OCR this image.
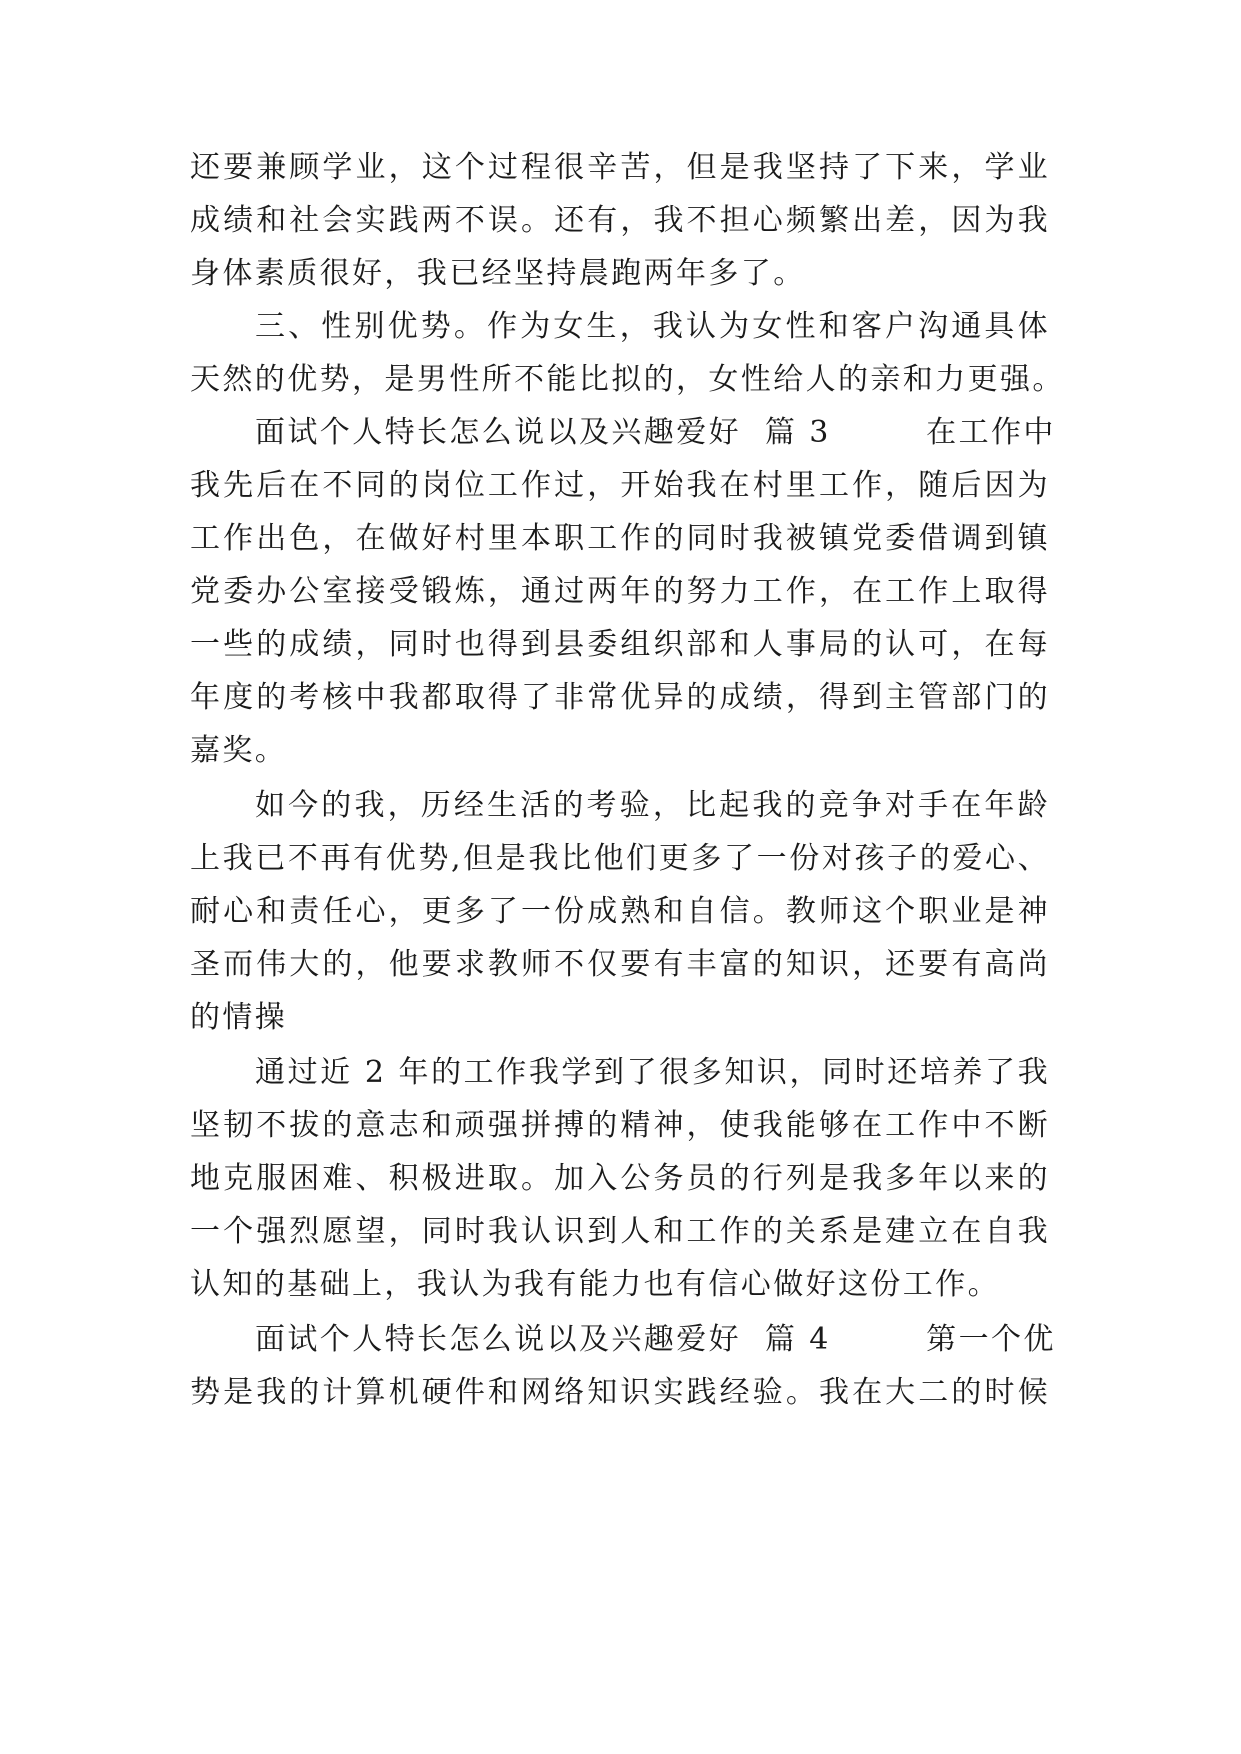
还要兼顾学业，这个过程很辛苦，但是我坚持了下来，学业
成绩和社会实践两不误。还有，我不担心频繁出差，因为我
身体素质很好，我已经坚持晨跑两年多了。
三、性别优势。作为女生，我认为女性和客户沟通具体
天然的优势，是男性所不能比拟的，女性给人的亲和力更强。
面试个人特长怎么说以及兴趣爱好  篇 3        在工作中
我先后在不同的岗位工作过，开始我在村里工作，随后因为
工作出色，在做好村里本职工作的同时我被镇党委借调到镇
党委办公室接受锻炼，通过两年的努力工作，在工作上取得
一些的成绩，同时也得到县委组织部和人事局的认可，在每
年度的考核中我都取得了非常优异的成绩，得到主管部门的
嘉奖。
如今的我，历经生活的考验，比起我的竞争对手在年龄
上我已不再有优势,但是我比他们更多了一份对孩子的爱心、
耐心和责任心，更多了一份成熟和自信。教师这个职业是神
圣而伟大的，他要求教师不仅要有丰富的知识，还要有高尚
的情操
通过近 2 年的工作我学到了很多知识，同时还培养了我
坚韧不拔的意志和顽强拼搏的精神，使我能够在工作中不断
地克服困难、积极进取。加入公务员的行列是我多年以来的
一个强烈愿望，同时我认识到人和工作的关系是建立在自我
认知的基础上，我认为我有能力也有信心做好这份工作。
面试个人特长怎么说以及兴趣爱好  篇 4        第一个优
势是我的计算机硬件和网络知识实践经验。我在大二的时候
